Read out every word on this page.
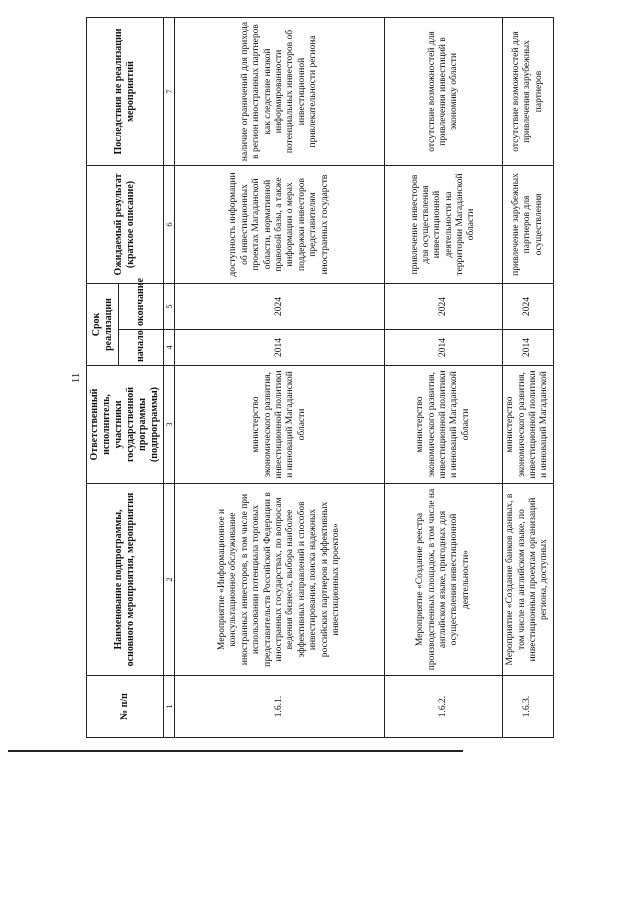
11
№ п/п	Наименование подпрограммы, основного мероприятия, мероприятия	Ответственный исполнитель, участники государственной программы (подпрограммы)	Срок реализации		Ожидаемый результат (краткое описание)	Последствия не реализации мероприятий
			начало	окончание		
1	2	3	4	5	6	7
1.6.1.	Мероприятие «Информационное и консультационное обслуживание иностранных инвесторов, в том числе при использовании потенциала торговых представительств Российской Федерации в иностранных государствах, по вопросам ведения бизнеса, выбора наиболее эффективных направлений и способов инвестирования, поиска надежных российских партнеров и эффективных инвестиционных проектов»	министерство экономического развития, инвестиционной политики и инноваций Магаданской области	2014	2024	доступность информации об инвестиционных проектах Магаданской области, нормативной правовой базы, а также информации о мерах поддержки инвесторов представителям иностранных государств	наличие ограничений для прихода в регион иностранных партнеров как следствие низкой информированности потенциальных инвесторов об инвестиционной привлекательности региона
1.6.2.	Мероприятие «Создание реестра производственных площадок, в том числе на английском языке, пригодных для осуществления инвестиционной деятельности»	министерство экономического развития, инвестиционной политики и инноваций Магаданской области	2014	2024	привлечение инвесторов для осуществления инвестиционной деятельности на территории Магаданской области	отсутствие возможностей для привлечения инвестиций в экономику области
1.6.3.	Мероприятие «Создание банков данных, в том числе на английском языке, по инвестиционным проектам организаций региона, доступных	министерство экономического развития, инвестиционной политики и инноваций Магаданской	2014	2024	привлечение зарубежных партнеров для осуществления	отсутствие возможностей для привлечения зарубежных партнеров
